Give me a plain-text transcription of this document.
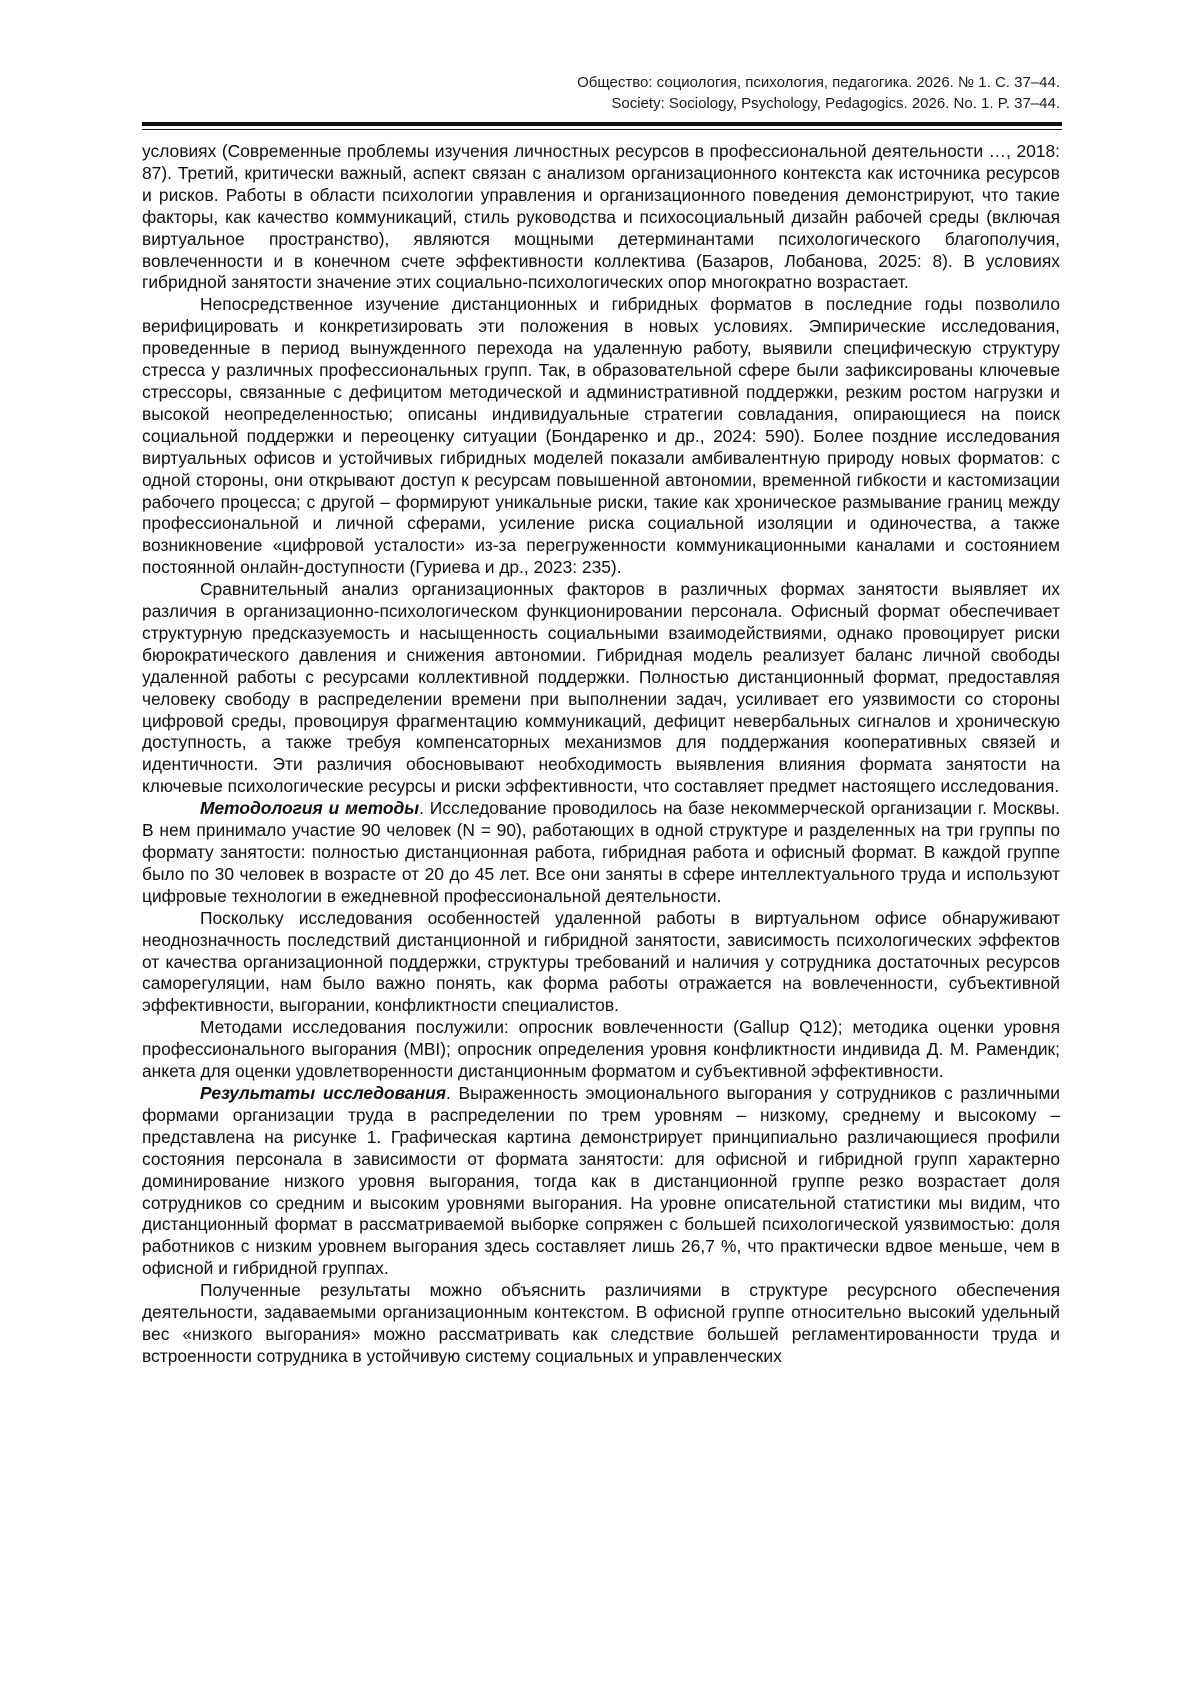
Общество: социология, психология, педагогика. 2026. № 1. С. 37–44.
Society: Sociology, Psychology, Pedagogics. 2026. No. 1. P. 37–44.

условиях (Современные проблемы изучения личностных ресурсов в профессиональной деятельности …, 2018: 87). Третий, критически важный, аспект связан с анализом организационного контекста как источника ресурсов и рисков. Работы в области психологии управления и организационного поведения демонстрируют, что такие факторы, как качество коммуникаций, стиль руководства и психосоциальный дизайн рабочей среды (включая виртуальное пространство), являются мощными детерминантами психологического благополучия, вовлеченности и в конечном счете эффективности коллектива (Базаров, Лобанова, 2025: 8). В условиях гибридной занятости значение этих социально-психологических опор многократно возрастает.

Непосредственное изучение дистанционных и гибридных форматов в последние годы позволило верифицировать и конкретизировать эти положения в новых условиях. Эмпирические исследования, проведенные в период вынужденного перехода на удаленную работу, выявили специфическую структуру стресса у различных профессиональных групп. Так, в образовательной сфере были зафиксированы ключевые стрессоры, связанные с дефицитом методической и административной поддержки, резким ростом нагрузки и высокой неопределенностью; описаны индивидуальные стратегии совладания, опирающиеся на поиск социальной поддержки и переоценку ситуации (Бондаренко и др., 2024: 590). Более поздние исследования виртуальных офисов и устойчивых гибридных моделей показали амбивалентную природу новых форматов: с одной стороны, они открывают доступ к ресурсам повышенной автономии, временной гибкости и кастомизации рабочего процесса; с другой – формируют уникальные риски, такие как хроническое размывание границ между профессиональной и личной сферами, усиление риска социальной изоляции и одиночества, а также возникновение «цифровой усталости» из-за перегруженности коммуникационными каналами и состоянием постоянной онлайн-доступности (Гуриева и др., 2023: 235).

Сравнительный анализ организационных факторов в различных формах занятости выявляет их различия в организационно-психологическом функционировании персонала. Офисный формат обеспечивает структурную предсказуемость и насыщенность социальными взаимодействиями, однако провоцирует риски бюрократического давления и снижения автономии. Гибридная модель реализует баланс личной свободы удаленной работы с ресурсами коллективной поддержки. Полностью дистанционный формат, предоставляя человеку свободу в распределении времени при выполнении задач, усиливает его уязвимости со стороны цифровой среды, провоцируя фрагментацию коммуникаций, дефицит невербальных сигналов и хроническую доступность, а также требуя компенсаторных механизмов для поддержания кооперативных связей и идентичности. Эти различия обосновывают необходимость выявления влияния формата занятости на ключевые психологические ресурсы и риски эффективности, что составляет предмет настоящего исследования.

Методология и методы. Исследование проводилось на базе некоммерческой организации г. Москвы. В нем принимало участие 90 человек (N = 90), работающих в одной структуре и разделенных на три группы по формату занятости: полностью дистанционная работа, гибридная работа и офисный формат. В каждой группе было по 30 человек в возрасте от 20 до 45 лет. Все они заняты в сфере интеллектуального труда и используют цифровые технологии в ежедневной профессиональной деятельности.

Поскольку исследования особенностей удаленной работы в виртуальном офисе обнаруживают неоднозначность последствий дистанционной и гибридной занятости, зависимость психологических эффектов от качества организационной поддержки, структуры требований и наличия у сотрудника достаточных ресурсов саморегуляции, нам было важно понять, как форма работы отражается на вовлеченности, субъективной эффективности, выгорании, конфликтности специалистов.

Методами исследования послужили: опросник вовлеченности (Gallup Q12); методика оценки уровня профессионального выгорания (MBI); опросник определения уровня конфликтности индивида Д. М. Рамендик; анкета для оценки удовлетворенности дистанционным форматом и субъективной эффективности.

Результаты исследования. Выраженность эмоционального выгорания у сотрудников с различными формами организации труда в распределении по трем уровням – низкому, среднему и высокому – представлена на рисунке 1. Графическая картина демонстрирует принципиально различающиеся профили состояния персонала в зависимости от формата занятости: для офисной и гибридной групп характерно доминирование низкого уровня выгорания, тогда как в дистанционной группе резко возрастает доля сотрудников со средним и высоким уровнями выгорания. На уровне описательной статистики мы видим, что дистанционный формат в рассматриваемой выборке сопряжен с большей психологической уязвимостью: доля работников с низким уровнем выгорания здесь составляет лишь 26,7 %, что практически вдвое меньше, чем в офисной и гибридной группах.

Полученные результаты можно объяснить различиями в структуре ресурсного обеспечения деятельности, задаваемыми организационным контекстом. В офисной группе относительно высокий удельный вес «низкого выгорания» можно рассматривать как следствие большей регламентированности труда и встроенности сотрудника в устойчивую систему социальных и управленческих
